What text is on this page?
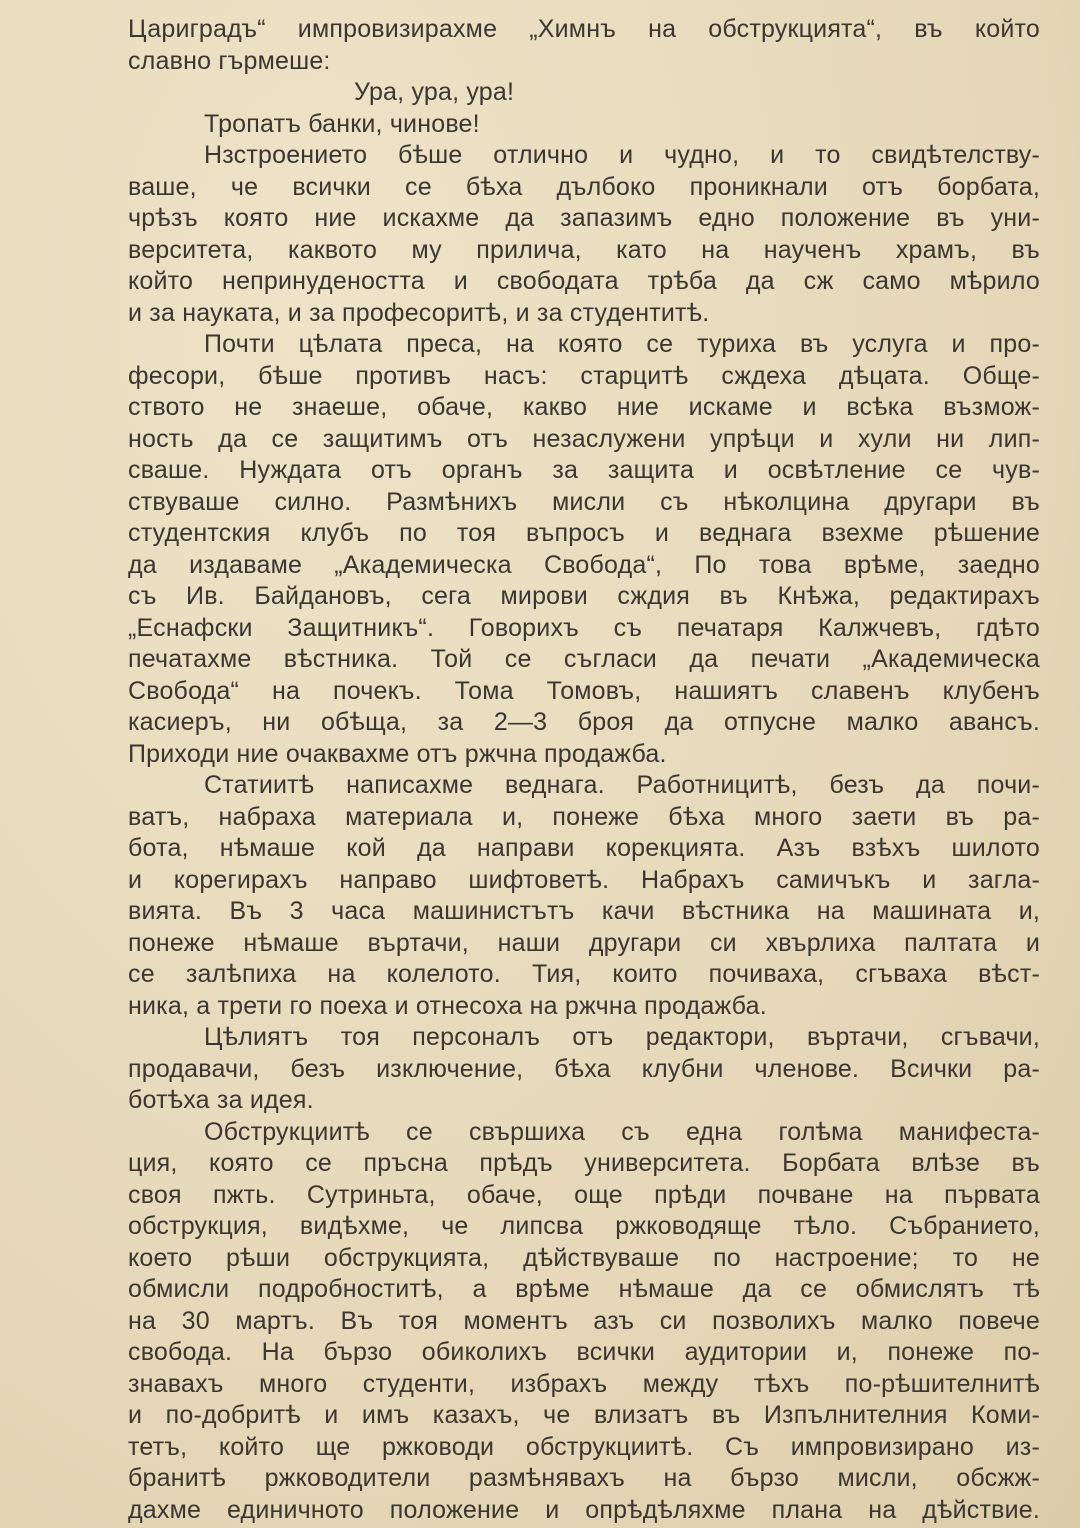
Цариградъ“ импровизирахме „Химнъ на обструкцията“, въ който
славно гърмеше:
Ура, ура, ура!
Тропатъ банки, чинове!
Нзстроението бѣше отлично и чудно, и то свидѣтелству-
ваше, че всички се бѣха дълбоко проникнали отъ борбата,
чрѣзъ която ние искахме да запазимъ едно положение въ уни-
верситета, каквото му прилича, като на наученъ храмъ, въ
който непринудеността и свободата трѣба да сж само мѣрило
и за науката, и за професоритѣ, и за студентитѣ.
Почти цѣлата преса, на която се туриха въ услуга и про-
фесори, бѣше противъ насъ: старцитѣ сждеха дѣцата. Обще-
ството не знаеше, обаче, какво ние искаме и всѣка възмож-
ность да се защитимъ отъ незаслужени упрѣци и хули ни лип-
сваше. Нуждата отъ органъ за защита и освѣтление се чув-
ствуваше силно. Размѣнихъ мисли съ нѣколцина другари въ
студентския клубъ по тоя въпросъ и веднага взехме рѣшение
да издаваме „Академическа Свобода“, По това врѣме, заедно
съ Ив. Байдановъ, сега мирови сждия въ Кнѣжа, редактирахъ
„Еснафски Защитникъ“. Говорихъ съ печатаря Калжчевъ, гдѣто
печатахме вѣстника. Той се съгласи да печати „Академическа
Свобода“ на почекъ. Тома Томовъ, нашиятъ славенъ клубенъ
касиеръ, ни обѣща, за 2—3 броя да отпусне малко авансъ.
Приходи ние очаквахме отъ ржчна продажба.
Статиитѣ написахме веднага. Работницитѣ, безъ да почи-
ватъ, набраха материала и, понеже бѣха много заети въ ра-
бота, нѣмаше кой да направи корекцията. Азъ взѣхъ шилото
и корегирахъ направо шифтоветѣ. Набрахъ самичъкъ и загла-
вията. Въ 3 часа машинистътъ качи вѣстника на машината и,
понеже нѣмаше въртачи, наши другари си хвърлиха палтата и
се залѣпиха на колелото. Тия, които почиваха, сгъваха вѣст-
ника, а трети го поеха и отнесоха на ржчна продажба.
Цѣлиятъ тоя персоналъ отъ редактори, въртачи, сгъвачи,
продавачи, безъ изключение, бѣха клубни членове. Всички ра-
ботѣха за идея.
Обструкциитѣ се свършиха съ една голѣма манифеста-
ция, която се пръсна прѣдъ университета. Борбата влѣзе въ
своя пжть. Сутриньта, обаче, още прѣди почване на първата
обструкция, видѣхме, че липсва ржководяще тѣло. Събранието,
което рѣши обструкцията, дѣйствуваше по настроение; то не
обмисли подробноститѣ, а врѣме нѣмаше да се обмислятъ тѣ
на 30 мартъ. Въ тоя моментъ азъ си позволихъ малко повече
свобода. На бързо обиколихъ всички аудитории и, понеже по-
знавахъ много студенти, избрахъ между тѣхъ по-рѣшителнитѣ
и по-добритѣ и имъ казахъ, че влизатъ въ Изпълнителния Коми-
тетъ, който ще ржководи обструкциитѣ. Съ импровизирано из-
бранитѣ ржководители размѣнявахъ на бързо мисли, обсжж-
дахме единичното положение и опрѣдѣляхме плана на дѣйствие.
